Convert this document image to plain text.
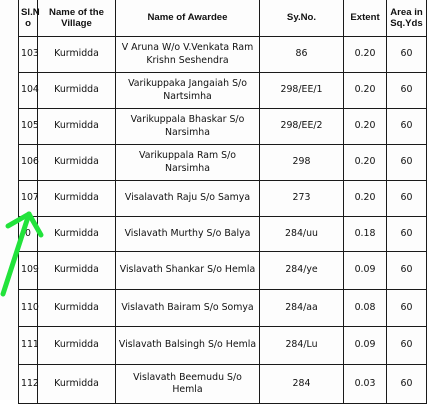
Sl.N o	Name of the Village	Name of Awardee	Sy.No.	Extent	Area in Sq.Yds
103	Kurmidda	V Aruna W/o V.Venkata Ram Krishn Seshendra	86	0.20	60
104	Kurmidda	Varikuppaka Jangaiah S/o Nartsimha	298/EE/1	0.20	60
105	Kurmidda	Varikuppala Bhaskar S/o Narsimha	298/EE/2	0.20	60
106	Kurmidda	Varikuppala Ram S/o Narsimha	298	0.20	60
107	Kurmidda	Visalavath Raju S/o Samya	273	0.20	60
0	Kurmidda	Vislavath Murthy S/o Balya	284/uu	0.18	60
109	Kurmidda	Vislavath Shankar S/o Hemla	284/ye	0.09	60
110	Kurmidda	Vislavath Bairam S/o Somya	284/aa	0.08	60
111	Kurmidda	Vislavath Balsingh S/o Hemla	284/Lu	0.09	60
112	Kurmidda	Vislavath Beemudu S/o Hemla	284	0.03	60
